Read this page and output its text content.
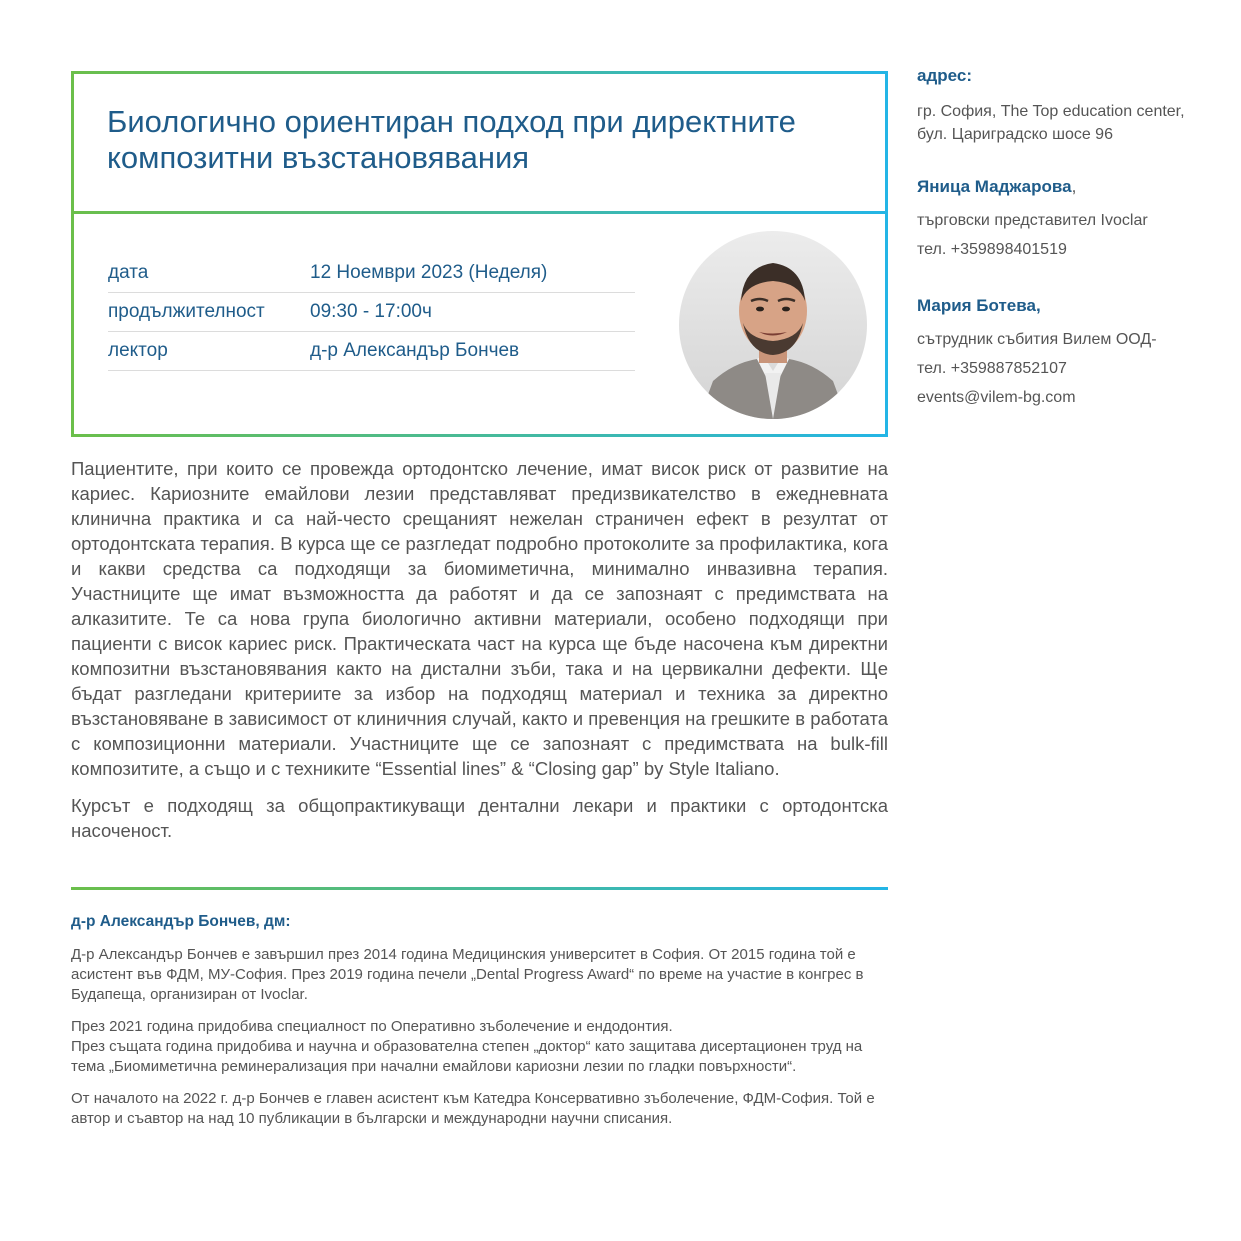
Биологично ориентиран подход при директните композитни възстановявания
дата	12 Ноември 2023 (Неделя)
продължителност	09:30 - 17:00ч
лектор	д-р Александър Бончев

Пациентите, при които се провежда ортодонтско лечение, имат висок риск от развитие на кариес. Кариозните емайлови лезии представляват предизвикателство в ежедневната клинична практика и са най-често срещаният нежелан страничен ефект в резултат от ортодонтската терапия. В курса ще се разгледат подробно протоколите за профилактика, кога и какви средства са подходящи за биомиметична, минимално инвазивна терапия. Участниците ще имат възможността да работят и да се запознаят с предимствата на алказитите. Те са нова група биологично активни материали, особено подходящи при пациенти с висок кариес риск. Практическата част на курса ще бъде насочена към директни композитни възстановявания както на дистални зъби, така и на цервикални дефекти. Ще бъдат разгледани критериите за избор на подходящ материал и техника за директно възстановяване в зависимост от клиничния случай, както и превенция на грешките в работата с композиционни материали. Участниците ще се запознаят с предимствата на bulk-fill композитите, а също и с техниките “Essential lines” & “Closing gap” by Style Italiano.

Курсът е подходящ за общопрактикуващи дентални лекари и практики с ортодонтска насоченост.

д-р Александър Бончев, дм:

Д-р Александър Бончев е завършил през 2014 година Медицинския университет в София. От 2015 година той е асистент във ФДМ, МУ-София. През 2019 година печели „Dental Progress Award“ по време на участие в конгрес в Будапеща, организиран от Ivoclar.

През 2021 година придобива специалност по Оперативно зъболечение и ендодонтия.
През същата година придобива и научна и образователна степен „доктор“ като защитава дисертационен труд на тема „Биомиметична реминерализация при начални емайлови кариозни лезии по гладки повърхности“.

От началото на 2022 г. д-р Бончев е главен асистент към Катедра Консервативно зъболечение, ФДМ-София. Той е автор и съавтор на над 10 публикации в български и международни научни списания.

адрес:
гр. София, The Top education center, бул. Цариградско шосе 96
Яница Маджарова,

търговски представител Ivoclar

тел. +359898401519

Мария Ботева,

сътрудник събития Вилем ООД-

тел. +359887852107

events@vilem-bg.com
